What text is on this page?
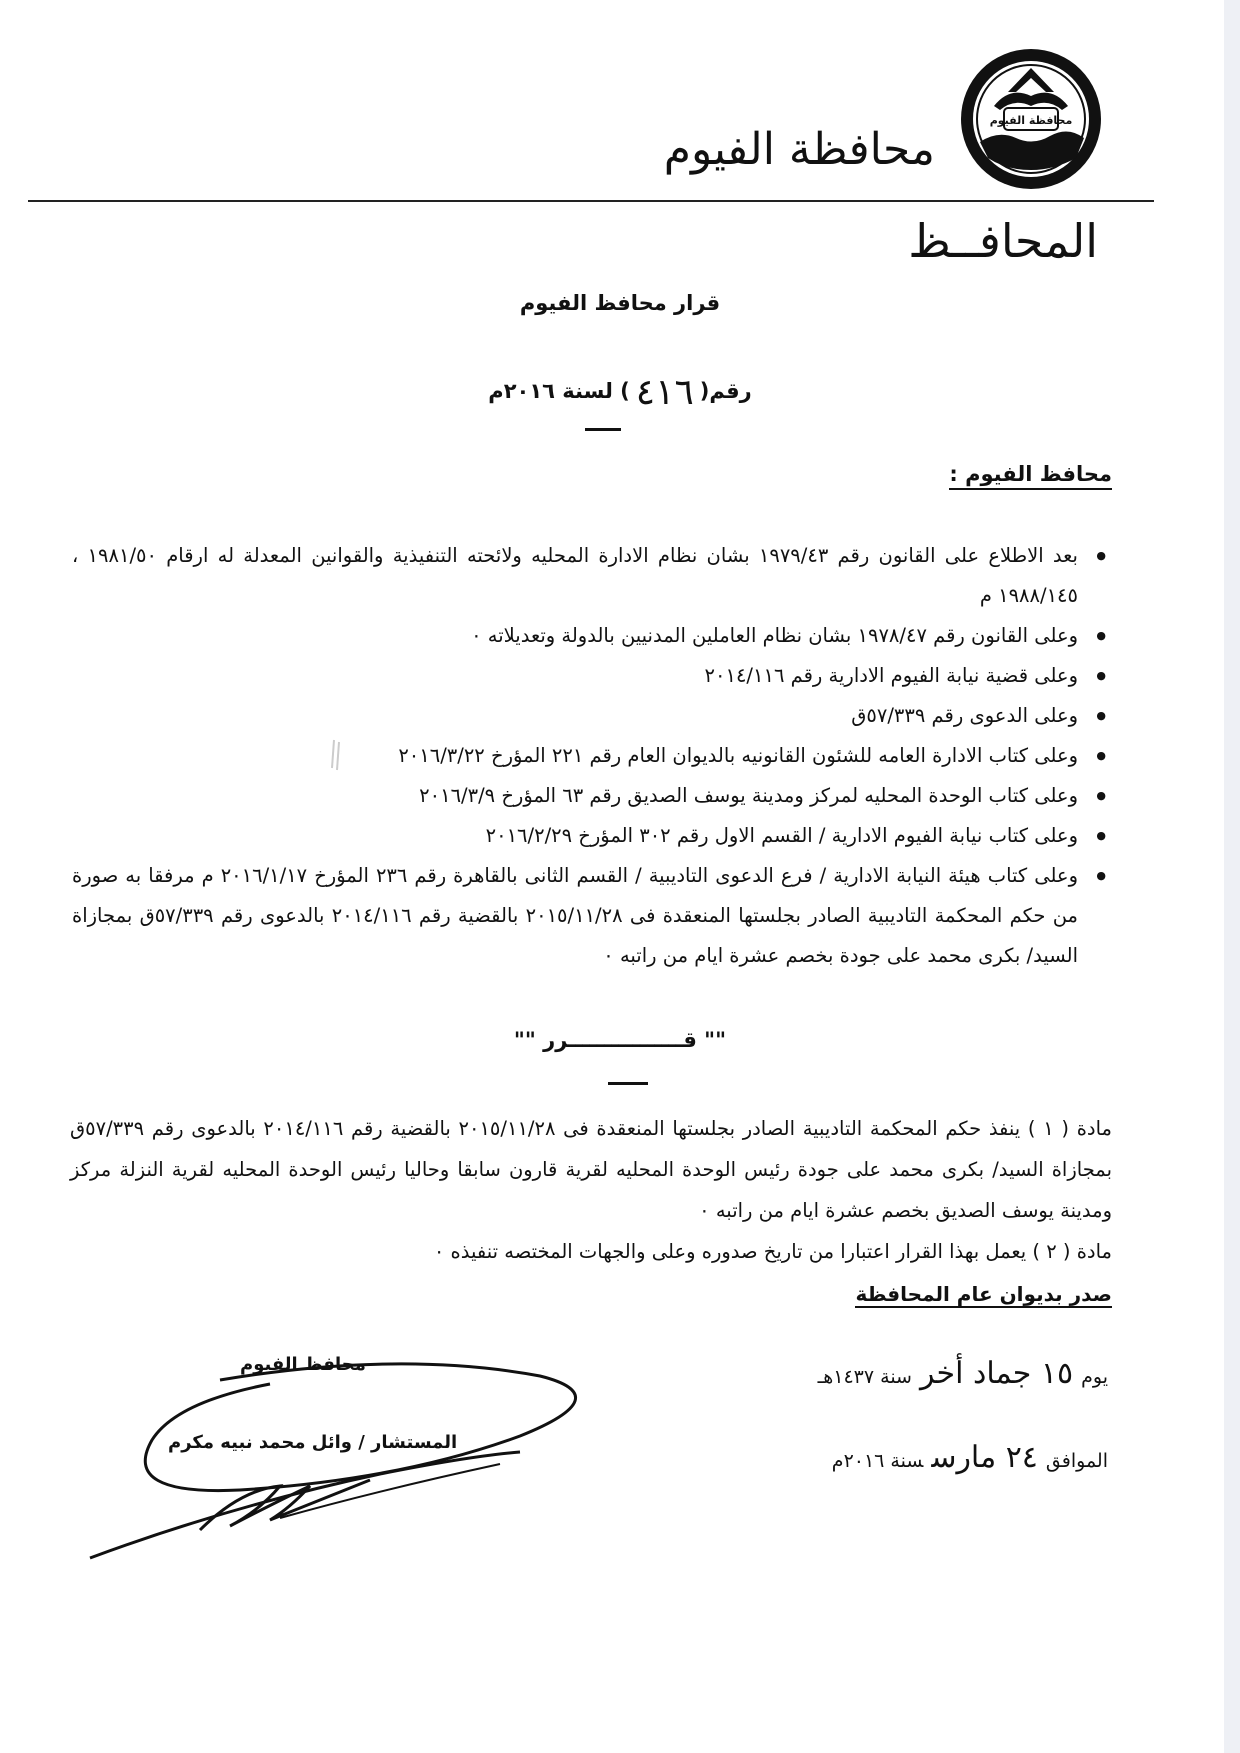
محافظة الفيوم
محافظة الفيوم
المحافــظ
قرار محافظ الفيوم
رقم(٤١٦) لسنة ٢٠١٦م
محافظ الفيوم :
● بعد الاطلاع على القانون رقم ١٩٧٩/٤٣ بشان نظام الادارة المحليه ولائحته التنفيذية والقوانين المعدلة له ارقام ١٩٨١/٥٠ ، ١٩٨٨/١٤٥ م
● وعلى القانون رقم ١٩٧٨/٤٧ بشان نظام العاملين المدنيين بالدولة وتعديلاته ٠
● وعلى قضية نيابة الفيوم الادارية رقم ٢٠١٤/١١٦
● وعلى الدعوى رقم ٥٧/٣٣٩ق
● وعلى كتاب الادارة العامه للشئون القانونيه بالديوان العام رقم ٢٢١ المؤرخ ٢٠١٦/٣/٢٢
● وعلى كتاب الوحدة المحليه لمركز ومدينة يوسف الصديق رقم ٦٣ المؤرخ ٢٠١٦/٣/٩
● وعلى كتاب نيابة الفيوم الادارية / القسم الاول رقم ٣٠٢ المؤرخ ٢٠١٦/٢/٢٩
● وعلى كتاب هيئة النيابة الادارية / فرع الدعوى التاديبية / القسم الثانى بالقاهرة رقم ٢٣٦ المؤرخ ٢٠١٦/١/١٧ م مرفقا به صورة من حكم المحكمة التاديبية الصادر بجلستها المنعقدة فى ٢٠١٥/١١/٢٨ بالقضية رقم ٢٠١٤/١١٦ بالدعوى رقم ٥٧/٣٣٩ق بمجازاة السيد/ بكرى محمد على جودة بخصم عشرة ايام من راتبه ٠
"" قــــــــــــــــرر ""

مادة ( ١ ) ينفذ حكم المحكمة التاديبية الصادر بجلستها المنعقدة فى ٢٠١٥/١١/٢٨ بالقضية رقم ٢٠١٤/١١٦ بالدعوى رقم ٥٧/٣٣٩ق بمجازاة السيد/ بكرى محمد على جودة رئيس الوحدة المحليه لقرية قارون سابقا وحاليا رئيس الوحدة المحليه لقرية النزلة مركز ومدينة يوسف الصديق بخصم عشرة ايام من راتبه ٠

مادة ( ٢ ) يعمل بهذا القرار اعتبارا من تاريخ صدوره وعلى والجهات المختصه تنفيذه ٠

صدر بديوان عام المحافظة
يوم١٥ جماد أخرسنة ١٤٣٧هـ
الموافق٢٤ مارسسنة ٢٠١٦م
محافظ الفيوم
المستشار / وائل محمد نبيه مكرم
